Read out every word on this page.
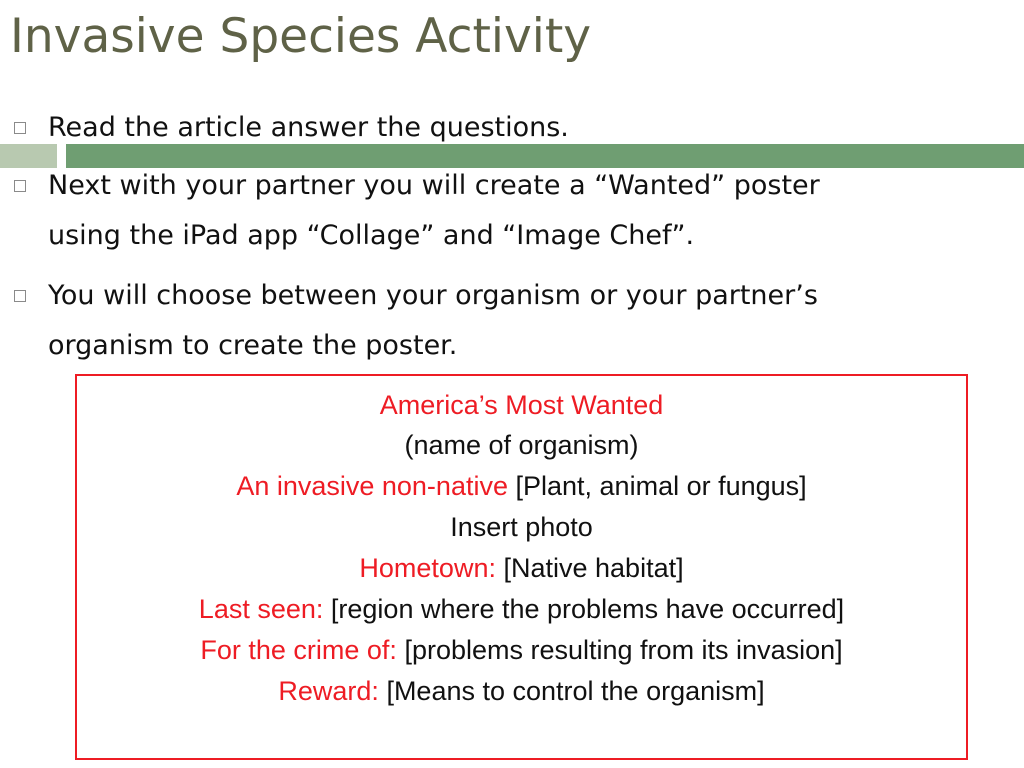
Invasive Species Activity
Read the article answer the questions.
Next with your partner you will create a “Wanted” poster
using the iPad app “Collage” and “Image Chef”.
You will choose between your organism or your partner’s
organism to create the poster.
America’s Most Wanted
(name of organism)
An invasive non-native [Plant, animal or fungus]
Insert photo
Hometown: [Native habitat]
Last seen: [region where the problems have occurred]
For the crime of: [problems resulting from its invasion]
Reward: [Means to control the organism]
